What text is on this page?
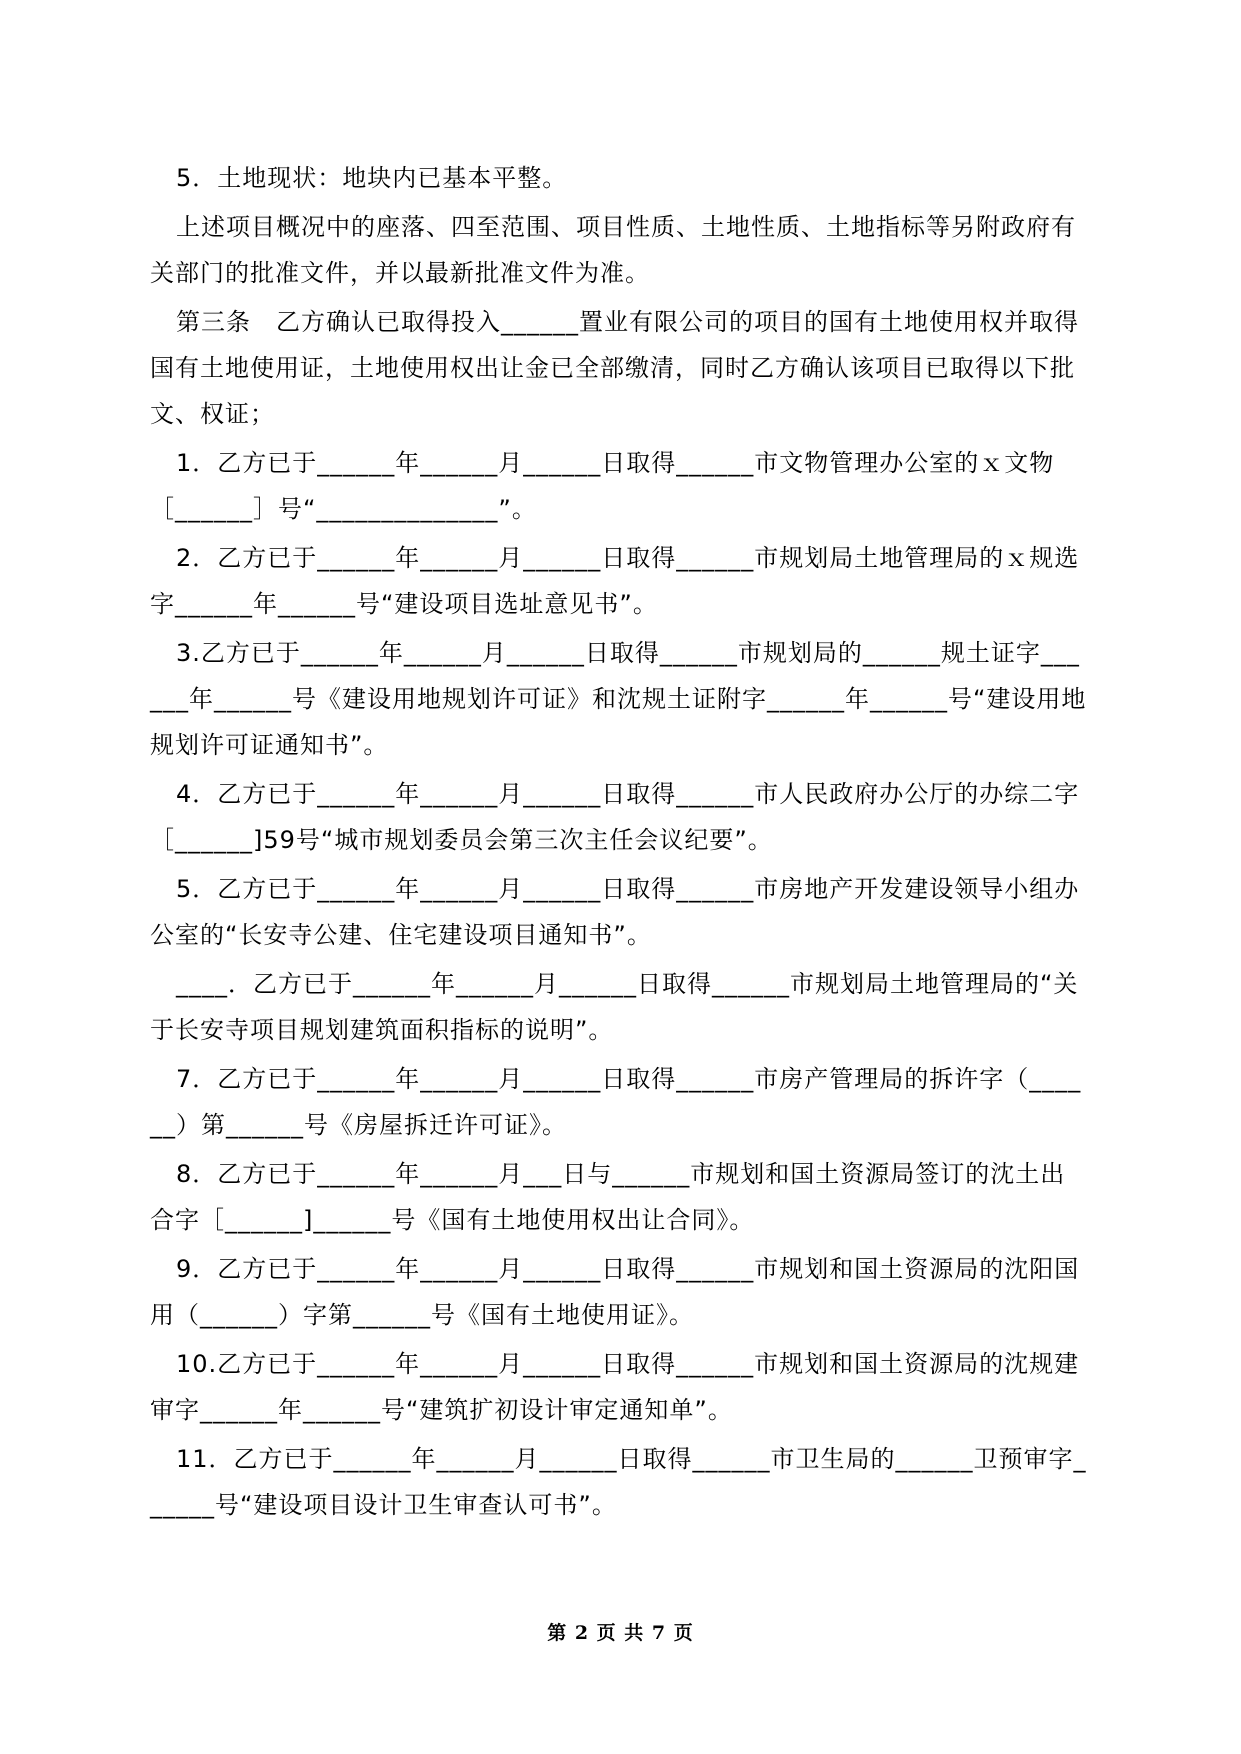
5．土地现状：地块内已基本平整。

上述项目概况中的座落、四至范围、项目性质、土地性质、土地指标等另附政府有关部门的批准文件，并以最新批准文件为准。

第三条　乙方确认已取得投入______置业有限公司的项目的国有土地使用权并取得国有土地使用证，土地使用权出让金已全部缴清，同时乙方确认该项目已取得以下批文、权证；

1．乙方已于______年______月______日取得______市文物管理办公室的ｘ文物［______］号“______________”。

2．乙方已于______年______月______日取得______市规划局土地管理局的ｘ规选字______年______号“建设项目选址意见书”。

3.乙方已于______年______月______日取得______市规划局的______规土证字______年______号《建设用地规划许可证》和沈规土证附字______年______号“建设用地规划许可证通知书”。

4．乙方已于______年______月______日取得______市人民政府办公厅的办综二字［______]59号“城市规划委员会第三次主任会议纪要”。

5．乙方已于______年______月______日取得______市房地产开发建设领导小组办公室的“长安寺公建、住宅建设项目通知书”。

____．乙方已于______年______月______日取得______市规划局土地管理局的“关于长安寺项目规划建筑面积指标的说明”。

7．乙方已于______年______月______日取得______市房产管理局的拆许字（______）第______号《房屋拆迁许可证》。

8．乙方已于______年______月___日与______市规划和国土资源局签订的沈土出合字［______]______号《国有土地使用权出让合同》。

9．乙方已于______年______月______日取得______市规划和国土资源局的沈阳国用（______）字第______号《国有土地使用证》。

10.乙方已于______年______月______日取得______市规划和国土资源局的沈规建审字______年______号“建筑扩初设计审定通知单”。

11．乙方已于______年______月______日取得______市卫生局的______卫预审字______号“建设项目设计卫生审查认可书”。

第 2 页 共 7 页
